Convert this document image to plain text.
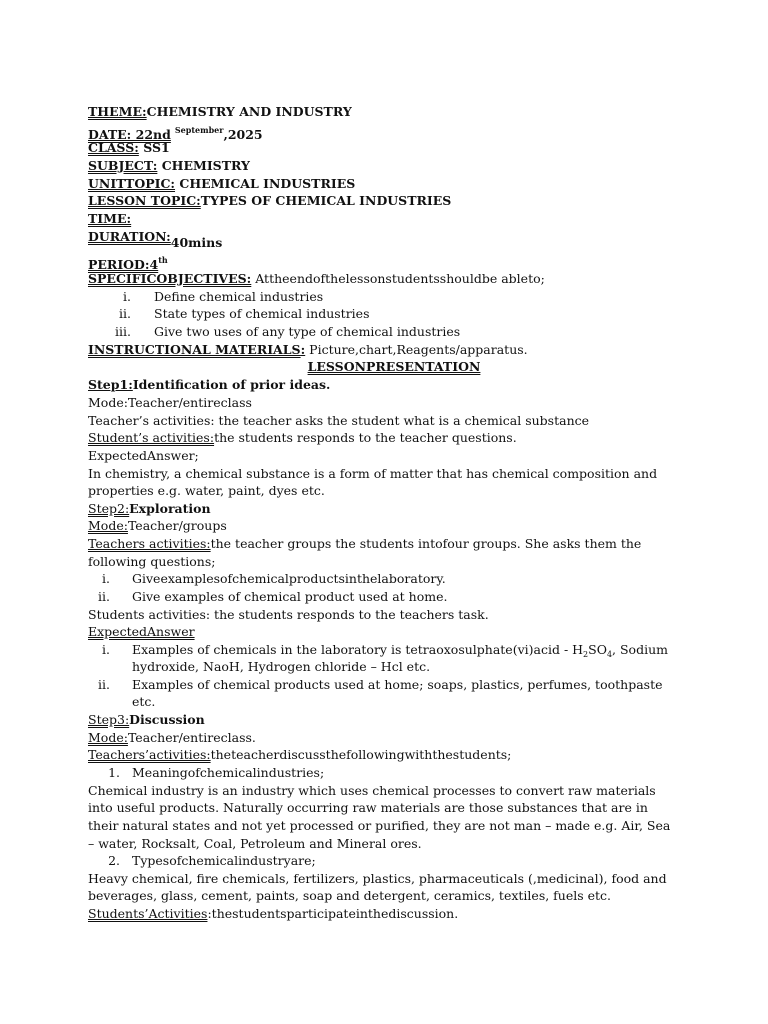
THEME:CHEMISTRY AND INDUSTRY
DATE: 22nd $^{September}$,2025
CLASS: SS1
SUBJECT: CHEMISTRY
UNITTOPIC: CHEMICAL INDUSTRIES
LESSON TOPIC:TYPES OF CHEMICAL INDUSTRIES
TIME:
DURATION:40mins
PERIOD:4th
SPECIFICOBJECTIVES: Attheendofthelessonstudentsshouldbe ableto;
i. Define chemical industries
ii. State types of chemical industries
iii. Give two uses of any type of chemical industries
INSTRUCTIONAL MATERIALS: Picture,chart,Reagents/apparatus.
LESSONPRESENTATION
Step1:Identification of prior ideas.
Mode:Teacher/entireclass
Teacher’s activities: the teacher asks the student what is a chemical substance
Student’s activities:the students responds to the teacher questions.
ExpectedAnswer;
In chemistry, a chemical substance is a form of matter that has chemical composition and
properties e.g. water, paint, dyes etc.
Step2:Exploration
Mode:Teacher/groups
Teachers activities:the teacher groups the students intofour groups. She asks them the
following questions;
i. Giveexamplesofchemicalproductsinthelaboratory.
ii. Give examples of chemical product used at home.
Students activities: the students responds to the teachers task.
ExpectedAnswer
i. Examples of chemicals in the laboratory is tetraoxosulphate(vi)acid - $H_2SO_4$, Sodium
hydroxide, NaoH, Hydrogen chloride – Hcl etc.
ii. Examples of chemical products used at home; soaps, plastics, perfumes, toothpaste
etc.
Step3:Discussion
Mode:Teacher/entireclass.
Teachers’activities:theteacherdiscussthefollowingwiththestudents;
1. Meaningofchemicalindustries;
Chemical industry is an industry which uses chemical processes to convert raw materials
into useful products. Naturally occurring raw materials are those substances that are in
their natural states and not yet processed or purified, they are not man – made e.g. Air, Sea
– water, Rocksalt, Coal, Petroleum and Mineral ores.
2. Typesofchemicalindustryare;
Heavy chemical, fire chemicals, fertilizers, plastics, pharmaceuticals (,medicinal), food and
beverages, glass, cement, paints, soap and detergent, ceramics, textiles, fuels etc.
Students’Activities:thestudentsparticipateinthediscussion.
